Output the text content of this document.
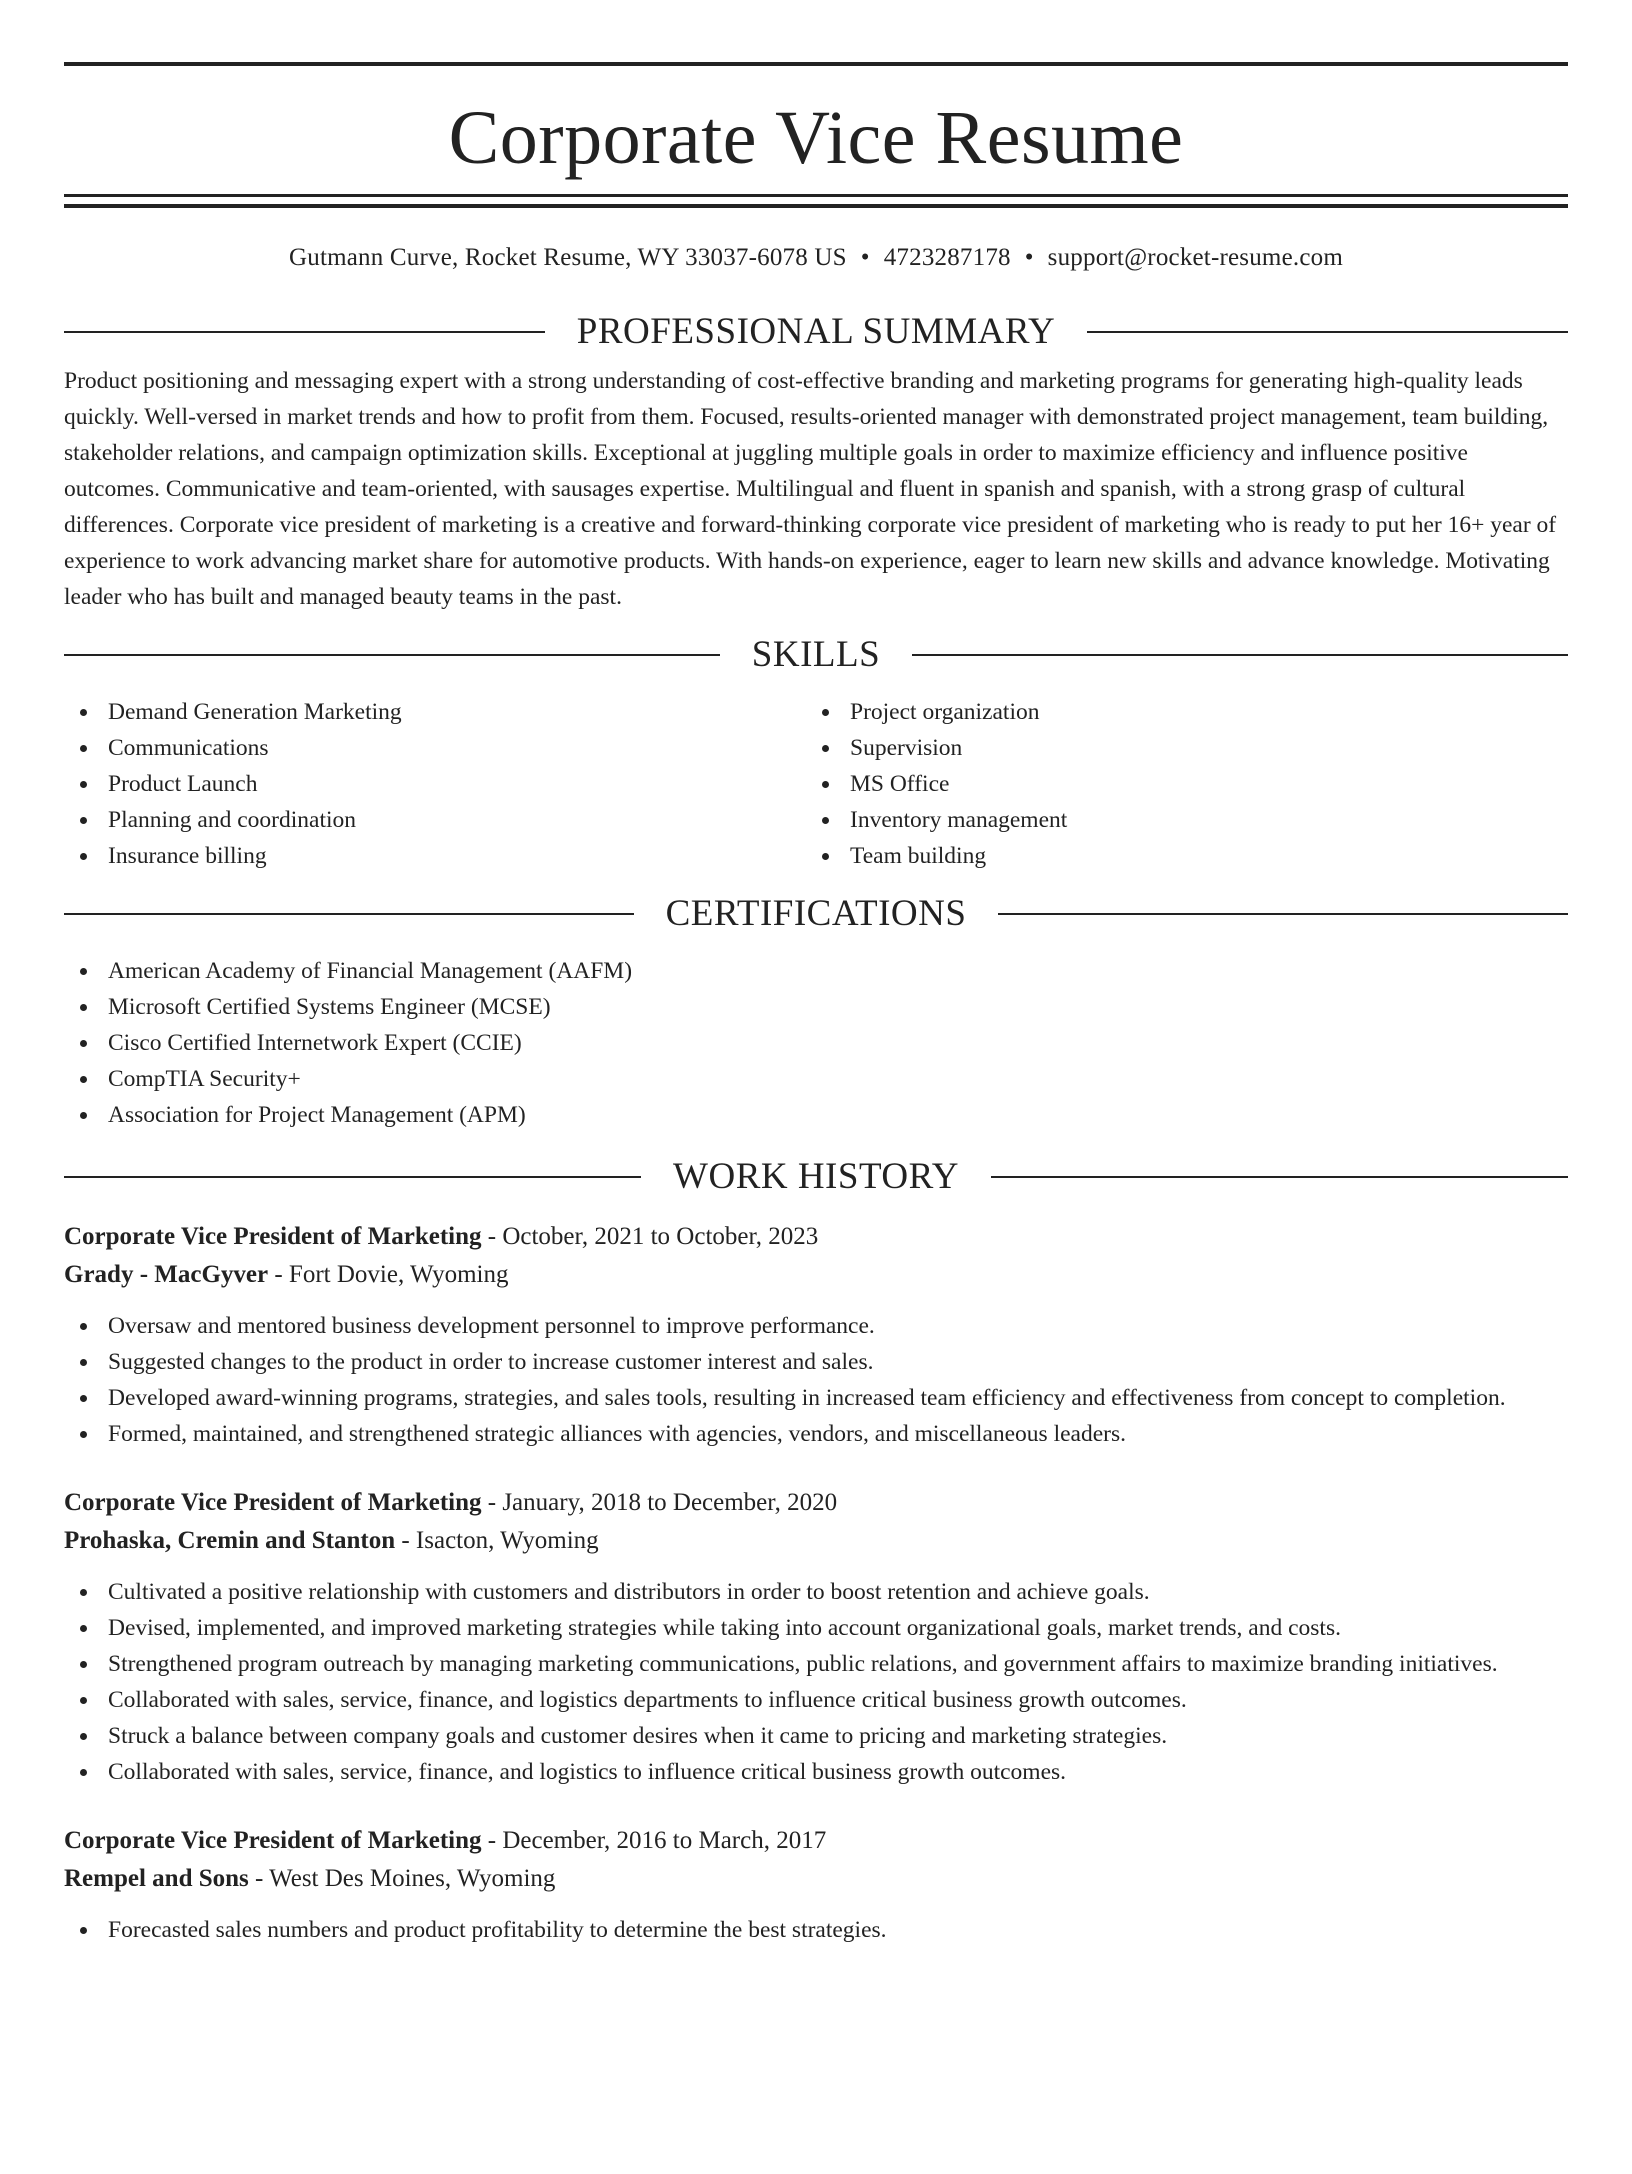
Corporate Vice Resume
Gutmann Curve, Rocket Resume, WY 33037-6078 US • 4723287178 • support@rocket-resume.com
PROFESSIONAL SUMMARY

Product positioning and messaging expert with a strong understanding of cost-effective branding and marketing programs for generating high-quality leads quickly. Well-versed in market trends and how to profit from them. Focused, results-oriented manager with demonstrated project management, team building, stakeholder relations, and campaign optimization skills. Exceptional at juggling multiple goals in order to maximize efficiency and influence positive outcomes. Communicative and team-oriented, with sausages expertise. Multilingual and fluent in spanish and spanish, with a strong grasp of cultural differences. Corporate vice president of marketing is a creative and forward-thinking corporate vice president of marketing who is ready to put her 16+ year of experience to work advancing market share for automotive products. With hands-on experience, eager to learn new skills and advance knowledge. Motivating leader who has built and managed beauty teams in the past.

SKILLS
Demand Generation Marketing
Communications
Product Launch
Planning and coordination
Insurance billing
Project organization
Supervision
MS Office
Inventory management
Team building
CERTIFICATIONS
American Academy of Financial Management (AAFM)
Microsoft Certified Systems Engineer (MCSE)
Cisco Certified Internetwork Expert (CCIE)
CompTIA Security+
Association for Project Management (APM)
WORK HISTORY
Corporate Vice President of Marketing - October, 2021 to October, 2023
Grady - MacGyver - Fort Dovie, Wyoming
Oversaw and mentored business development personnel to improve performance.
Suggested changes to the product in order to increase customer interest and sales.
Developed award-winning programs, strategies, and sales tools, resulting in increased team efficiency and effectiveness from concept to completion.
Formed, maintained, and strengthened strategic alliances with agencies, vendors, and miscellaneous leaders.
Corporate Vice President of Marketing - January, 2018 to December, 2020
Prohaska, Cremin and Stanton - Isacton, Wyoming
Cultivated a positive relationship with customers and distributors in order to boost retention and achieve goals.
Devised, implemented, and improved marketing strategies while taking into account organizational goals, market trends, and costs.
Strengthened program outreach by managing marketing communications, public relations, and government affairs to maximize branding initiatives.
Collaborated with sales, service, finance, and logistics departments to influence critical business growth outcomes.
Struck a balance between company goals and customer desires when it came to pricing and marketing strategies.
Collaborated with sales, service, finance, and logistics to influence critical business growth outcomes.
Corporate Vice President of Marketing - December, 2016 to March, 2017
Rempel and Sons - West Des Moines, Wyoming
Forecasted sales numbers and product profitability to determine the best strategies.
